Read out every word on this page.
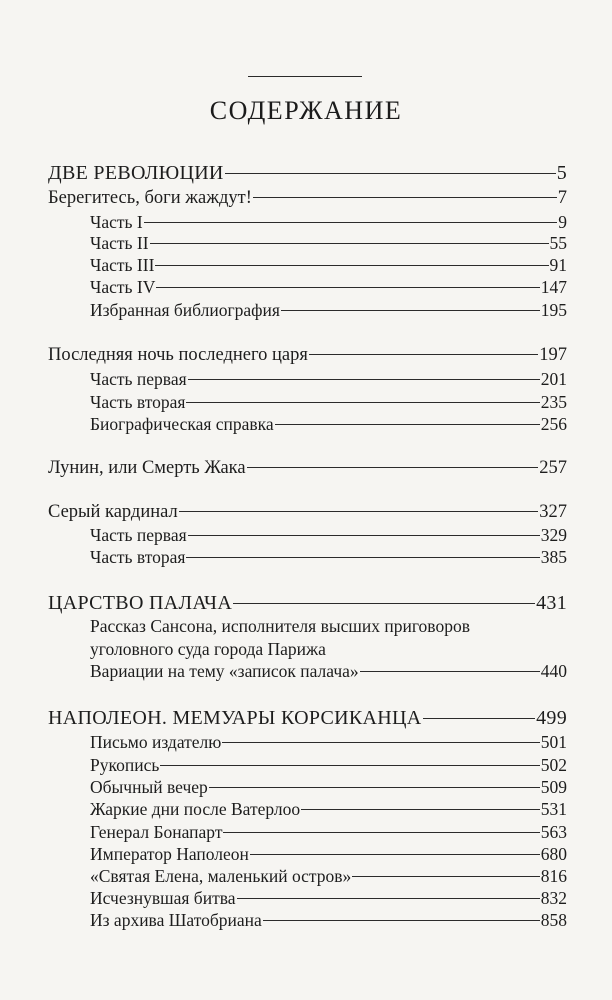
СОДЕРЖАНИЕ
ДВЕ РЕВОЛЮЦИИ	5
Берегитесь, боги жаждут!	7
Часть I	9
Часть II	55
Часть III	91
Часть IV	147
Избранная библиография	195
Последняя ночь последнего царя	197
Часть первая	201
Часть вторая	235
Биографическая справка	256
Лунин, или Смерть Жака	257
Серый кардинал	327
Часть первая	329
Часть вторая	385
ЦАРСТВО ПАЛАЧА	431
Рассказ Сансона, исполнителя высших приговоров
уголовного суда города Парижа
Вариации на тему «записок палача»	440
НАПОЛЕОН. МЕМУАРЫ КОРСИКАНЦА	499
Письмо издателю	501
Рукопись	502
Обычный вечер	509
Жаркие дни после Ватерлоо	531
Генерал Бонапарт	563
Император Наполеон	680
«Святая Елена, маленький остров»	816
Исчезнувшая битва	832
Из архива Шатобриана	858
